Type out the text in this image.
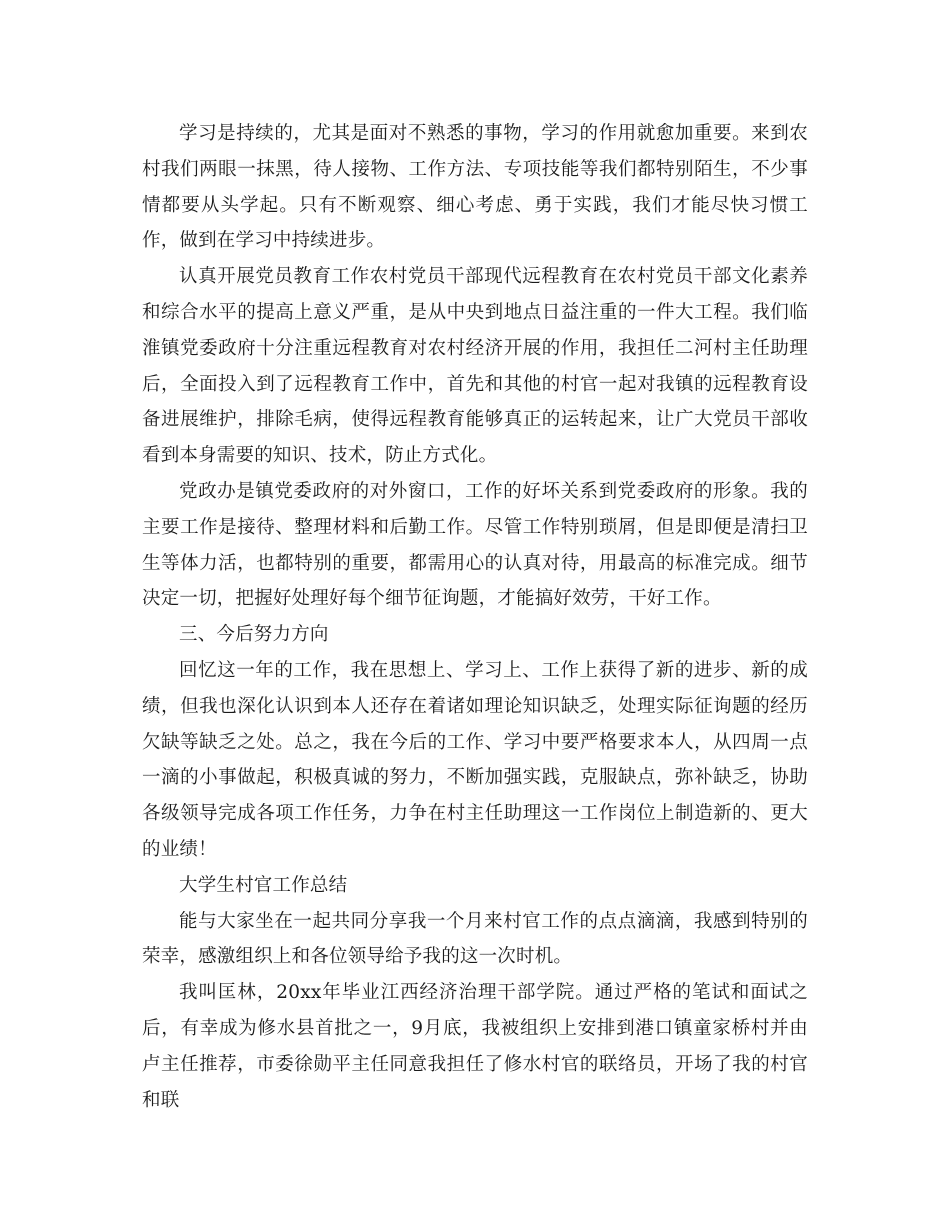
学习是持续的，尤其是面对不熟悉的事物，学习的作用就愈加重要。来到农村我们两眼一抹黑，待人接物、工作方法、专项技能等我们都特别陌生，不少事情都要从头学起。只有不断观察、细心考虑、勇于实践，我们才能尽快习惯工作，做到在学习中持续进步。

认真开展党员教育工作农村党员干部现代远程教育在农村党员干部文化素养和综合水平的提高上意义严重，是从中央到地点日益注重的一件大工程。我们临淮镇党委政府十分注重远程教育对农村经济开展的作用，我担任二河村主任助理后，全面投入到了远程教育工作中，首先和其他的村官一起对我镇的远程教育设备进展维护，排除毛病，使得远程教育能够真正的运转起来，让广大党员干部收看到本身需要的知识、技术，防止方式化。

党政办是镇党委政府的对外窗口，工作的好坏关系到党委政府的形象。我的主要工作是接待、整理材料和后勤工作。尽管工作特别琐屑，但是即便是清扫卫生等体力活，也都特别的重要，都需用心的认真对待，用最高的标准完成。细节决定一切，把握好处理好每个细节征询题，才能搞好效劳，干好工作。

三、今后努力方向

回忆这一年的工作，我在思想上、学习上、工作上获得了新的进步、新的成绩，但我也深化认识到本人还存在着诸如理论知识缺乏，处理实际征询题的经历欠缺等缺乏之处。总之，我在今后的工作、学习中要严格要求本人，从四周一点一滴的小事做起，积极真诚的努力，不断加强实践，克服缺点，弥补缺乏，协助各级领导完成各项工作任务，力争在村主任助理这一工作岗位上制造新的、更大的业绩！

大学生村官工作总结

能与大家坐在一起共同分享我一个月来村官工作的点点滴滴，我感到特别的荣幸，感激组织上和各位领导给予我的这一次时机。

我叫匡林，20xx年毕业江西经济治理干部学院。通过严格的笔试和面试之后，有幸成为修水县首批之一，9月底，我被组织上安排到港口镇童家桥村并由卢主任推荐，市委徐勋平主任同意我担任了修水村官的联络员，开场了我的村官和联
